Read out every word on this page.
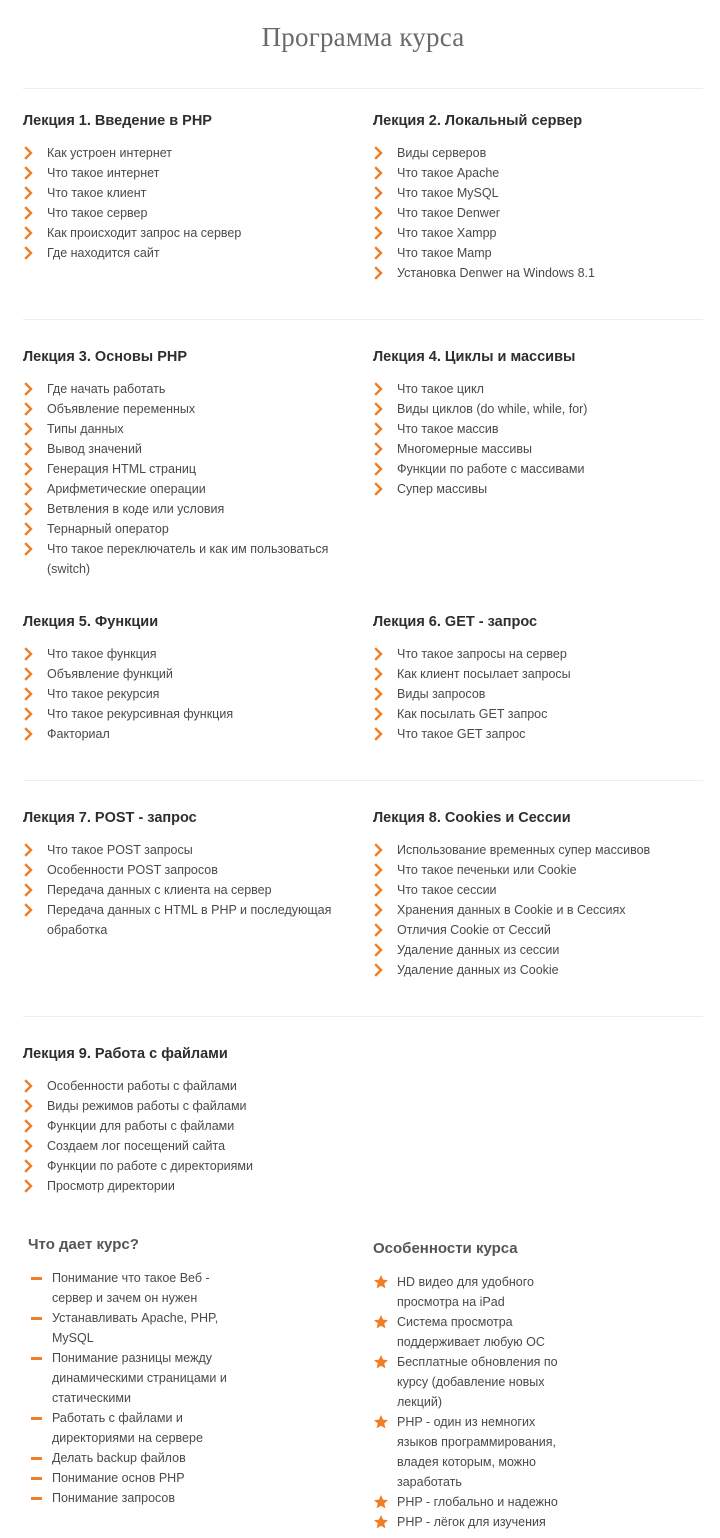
Программа курса
Лекция 1. Введение в PHP
Как устроен интернет
Что такое интернет
Что такое клиент
Что такое сервер
Как происходит запрос на сервер
Где находится сайт
Лекция 2. Локальный сервер
Виды серверов
Что такое Apache
Что такое MySQL
Что такое Denwer
Что такое Xampp
Что такое Mamp
Установка Denwer на Windows 8.1
Лекция 3. Основы PHP
Где начать работать
Объявление переменных
Типы данных
Вывод значений
Генерация HTML страниц
Арифметические операции
Ветвления в коде или условия
Тернарный оператор
Что такое переключатель и как им пользоваться (switch)
Лекция 4. Циклы и массивы
Что такое цикл
Виды циклов (do while, while, for)
Что такое массив
Многомерные массивы
Функции по работе с массивами
Супер массивы
Лекция 5. Функции
Что такое функция
Объявление функций
Что такое рекурсия
Что такое рекурсивная функция
Факториал
Лекция 6. GET - запрос
Что такое запросы на сервер
Как клиент посылает запросы
Виды запросов
Как посылать GET запрос
Что такое GET запрос
Лекция 7. POST - запрос
Что такое POST запросы
Особенности POST запросов
Передача данных с клиента на сервер
Передача данных с HTML в PHP и последующая обработка
Лекция 8. Cookies и Сессии
Использование временных супер массивов
Что такое печеньки или Cookie
Что такое сессии
Хранения данных в Cookie и в Сессиях
Отличия Cookie от Сессий
Удаление данных из сессии
Удаление данных из Cookie
Лекция 9. Работа с файлами
Особенности работы с файлами
Виды режимов работы с файлами
Функции для работы с файлами
Создаем лог посещений сайта
Функции по работе с директориями
Просмотр директории
Что дает курс?
Понимание что такое Веб - сервер и зачем он нужен
Устанавливать Apache, PHP, MySQL
Понимание разницы между динамическими страницами и статическими
Работать с файлами и директориями на сервере
Делать backup файлов
Понимание основ PHP
Понимание запросов
Особенности курса
HD видео для удобного просмотра на iPad
Система просмотра поддерживает любую ОС
Бесплатные обновления по курсу (добавление новых лекций)
PHP - один из немногих языков программирования, владея которым, можно заработать
PHP - глобально и надежно
PHP - лёгок для изучения
